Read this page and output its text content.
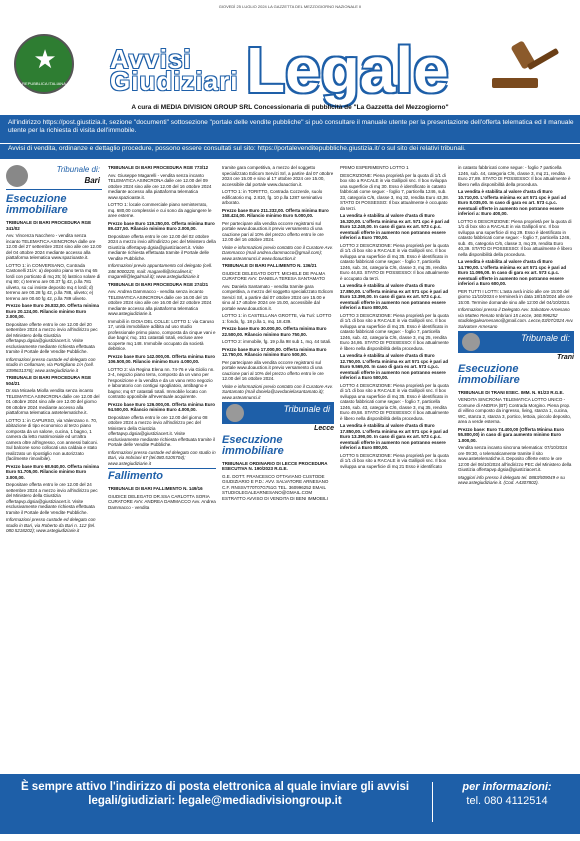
GIOVEDÌ 25 LUGLIO 2024 LA GAZZETTA DEL MEZZOGIORNO NAZIONALE II
★
REPUBBLICA ITALIANA
Avvisi
Giudiziari Legale
A cura di MEDIA DIVISION GROUP SRL Concessionaria di pubblicità de "La Gazzetta del Mezzogiorno"
All'indirizzo https://post.giustizia.it, sezione "documenti" sottosezione "portale delle vendite pubbliche" si può consultare il manuale utente per la presentazione dell'offerta telematica ed il manuale utente per la richiesta di visita dell'immobile.
Avvisi di vendita, ordinanze e dettaglio procedure, possono essere consultati sul sito: https://portalevenditepubbliche.giustizia.it/ o sul sito dei relativi tribunali.
Tribunale di:
Bari
Esecuzione immobiliare

TRIBUNALE DI BARI PROCEDURA RGE 341/02

Avv. Vincenza Nacchero - vendita senza incanto TELEMATICA ASINCRONA dalle ore 12.00 del 27 settembre 2024 sino alle ore 12.00 del 04 ottobre 2024 mediante accesso alla piattaforma telematica www.spazioaste.it.

LOTTO 1: in CONVERSANO, Contrada Castonelli 21/A: a) deposito piano terra mq 65 lordi con porticato di mq 25; b) lastrico solare di mq 80; c) terreno are 00.37 fg 42, p.lla 781 uliveto, su cui insiste deposito mq 4 lordi; d) terreno are 00.28 fg 42, p.lla 788, uliveto; e) terreno are 00.60 fg 42, p.lla 789 uliveto.

Prezzo base Euro 26.832,00. Offerta minima Euro 20.124,00. Rilancio minimo Euro 2.000,00.

Depositare offerte entro le ore 12.00 del 20 settembre 2024 a mezzo invio all'indirizzo pec del Ministero della Giustizia offertapvp.dgsia@giustiziacert.it. Visite esclusivamente mediante richiesta effettuata tramite il Portale delle Vendite Pubbliche.

Informazioni presso custode ed delegato con studio in Cellamare, via Portigliano 1/A (cell. 3398631376); www.astegiudiziarie.it

TRIBUNALE DI BARI PROCEDURA RGE 504/21

Dr.ssa Micaela Miolla vendita senza incanto TELEMATICA ASINCRONA dalle ore 12.00 del 01 ottobre 2024 sino alle ore 12.00 del giorno 08 ottobre 2024 mediante accesso alla piattaforma telematica astetelematiche.it.

LOTTO 1: in CAPURSO, via Valenzano n. 70, abitazione di tipo economico al terzo piano composta da un salone, cucina, 1 bagno, 1 camera da letto matrimoniale ed un'altra camera oltre all'ingresso, con annessi balconi. Sul balcone sono collocati una caldaia e stato realizzato un ripostiglio non autorizzato (facilmente rimovibile).

Prezzo base Euro 68.940,00. Offerta minima Euro 51.705,00. Rilancio minimo Euro 3.000,00.

Depositare offerta entro le ore 12.00 del 24 settembre 2024 a mezzo invio all'indirizzo pec del Ministero della Giustizia offertapvp.dgsia@giustiziacert.it. Visite esclusivamente mediante richiesta effettuata tramite il Portale delle Vendite Pubbliche.

Informazioni presso custode ed delegato con studio in Bari, via Roberto da Bari n. 112 (tel. 080.5218202); www.astegiudiziarie.it

TRIBUNALE DI BARI PROCEDURA RGE 773/12

Avv. Giuseppe Magarelli - vendita senza incanto TELEMATICA ASINCRONA dalle ore 12.00 del 09 ottobre 2024 sino alle ore 12.00 del 16 ottobre 2024 mediante accesso alla piattaforma telematica www.spazioaste.it.

LOTTO 1: locale commerciale piano seminterrato, mq. 680,00 complessivi e cui sono da aggiungere le aree esterne.

Prezzo base Euro 119.250,00. Offerta minima Euro 89.437,50. Rilancio minimo Euro 2.000,00.

Depositare offerta entro le ore 12.00 del 02 ottobre 2024 a mezzo invio all'indirizzo pec del Ministero della Giustizia offertapvp.dgsia@giustiziacert.it. Visite mediante richiesta effettuata tramite il Portale delle Vendite Pubbliche.

Informazioni previo appuntamento col delegato (cell. 348.9000220, mail: magarelli@tiscalinet.it; magarelli@legalmail.it); www.astegiudiziarie.it

TRIBUNALE DI BARI PROCEDURA RGE 274/21

Avv. Andrea Dammacco - vendita senza incanto TELEMATICA ASINCRONA dalle ore 16.00 del 15 ottobre 2024 sino alle ore 16.00 del 22 ottobre 2024 mediante accesso alla piattaforma telematica www.astegiudiziarie.it.

Immobili in GIOIA DEL COLLE: LOTTO 1: via Caruso 17, unità immobiliare adibita ad uso studio professionale primo piano, composta da cinque vani e due bagni; mq. 151 catastali totali, escluse aree scoperte mq 148. Immobile occupato da società debitrice.

Prezzo base Euro 142.000,00. Offerta minima Euro 106.500,00. Rilancio minimo Euro 4.000,00.

LOTTO 2: via Regina Elena nn. 74-76 e via Giolio nn. 2-4, negozio piano terra, composto da un vano per l'esposizione e la vendita e da un vano retro negozio e laboratorio con contigui spogliatoio, antibagno e bagno; mq 67 catastali totali. Immobile locato con contratto opponibile all'eventuale acquirente.

Prezzo base Euro 126.000,00. Offerta minima Euro 94.500,00. Rilancio minimo Euro 4.000,00.

Depositare offerta entro le ore 12.00 del giorno 08 ottobre 2024 a mezzo invio all'indirizzo pec del Ministero della Giustizia offertapvp.dgsia@giustiziacert.it. Visite esclusivamente mediante richiesta effettuata tramite il Portale delle Vendite Pubbliche.

Informazioni presso custode ed delegato con studio in Bari, via Imbriani 67 (tel.080.5105704); www.astegiudiziarie.it

Fallimento

TRIBUNALE DI BARI FALLIMENTO N. 149/16

GIUDICE DELEGATO DR.SSA CARLOTTA SORIA CURATORE AVV. ANDREA DAMMACCO Avv. Andrea Dammacco - vendita

tramite gara competitiva, a mezzo del soggetto specializzato Edicom Servizi Srl, a partire dal 07 ottobre 2024 ore 15.00 e sino al 17 ottobre 2024 ore 15.00, accessibile dal portale www.doauction.it.

LOTTO 1: in TORITTO, Contrada Cozzerde, suolo edificatorio mq. 2.810, fg. 10 p.lla 1287 seminativo arborato.

Prezzo base Euro 211.232,00. Offerta minima Euro 158.424,00. Rilancio minimo Euro 5.000,00.

Per partecipare alla vendita occorre registrarsi sul portale www.doauction.it previo versamento di una cauzione pari al 10% del prezzo offerto entro le ore 12.00 del 16 ottobre 2024.

Visite e informazioni previo contatto con il Curatore Avv. Dammacco (mail andrea.dammacco@gmail.com); www.asteannunci.it www.doauction.it

TRIBUNALE DI BARI FALLIMENTO N. 136/21

GIUDICE DELEGATO DOTT. MICHELE DE PALMA CURATORE AVV. DANIELA TERESA SANTAMATO

Avv. Daniela Santamato - vendita tramite gara competitiva, a mezzo del soggetto specializzato Edicom Servizi Srl, a partire dal 07 ottobre 2024 ore 15.00 e sino al 17 ottobre 2024 ore 15.00, accessibile dal portale www.doauction.it.

LOTTO 1: in CASTELLANA GROTTE, via Turi: LOTTO 1: fondo, fg. 18 p.lla 1, mq. 18.439.

Prezzo base Euro 30.000,00. Offerta minima Euro 22.500,00. Rilancio minimo Euro 750,00.

LOTTO 2: immobile, fg. 19 p.lla 98 sub 1, mq. 44 totali.

Prezzo base Euro 17.000,00. Offerta minima Euro 12.750,00. Rilancio minimo Euro 500,00.

Per partecipare alla vendita occorre registrarsi sul portale www.doauction.it previo versamento di una cauzione pari al 10% del prezzo offerto entro le ore 12.00 del 16 ottobre 2024.

Visite e informazioni previo contatto con il Curatore Avv. Santamato (mail daniela@avvdanielasantamato.it); www.asteannunci.it

Tribunale di
Lecce
Esecuzione immobiliare

TRIBUNALE ORDINARIO DI LECCE PROCEDURA ESECUTIVA N. 190/2023 R.G.E.

G.E. DOTT. FRANCESCO OTTAVIANO CUSTODE GIUDIZIARIO E P.D.: AVV. SALVATORE ARNESANO C.F. RNSSVT70T07G751G TEL. 360996252 EMAIL STUDIOLEGALEARNESANO@GMAIL.COM ESTRATTO AVVISO DI VENDITA DI BENI IMMOBILI

PRIMO ESPERIMENTO LOTTO 1

DESCRIZIONE: Piena proprietà per la quota di 1/1 di box sito a RACALE in via Gallipoli snc. Il box sviluppa una superficie di mq 30. Esso è identificato in catasto fabbricati come segue: - foglio 7, particella 1246, sub. 33, categoria C/6, classe 3, mq 32, rendita Euro 43,38. STATO DI POSSESSO: Il box attualmente è occupato da terzi.

La vendita è stabilita al valore d'asta di Euro 16.320,00. L'offerta minima ex art. 571 cpc è pari ad Euro 12.240,00. In caso di gara ex art. 573 c.p.c. eventuali offerte in aumento non potranno essere inferiori a Euro 700,00.

LOTTO 2 DESCRIZIONE: Piena proprietà per la quota di 1/1 di box sito a RACALE in via Gallipoli snc. Il box sviluppa una superficie di mq 35. Esso è identificato in catasto fabbricati come segue: - foglio 7, particella 1246, sub. 34, categoria C/6, classe 3, mq 35, rendita Euro 44,83. STATO DI POSSESSO: Il box attualmente è occupato da terzi.

La vendita è stabilita al valore d'asta di Euro 17.850,00. L'offerta minima ex art 571 cpc è pari ad Euro 13.390,00. In caso di gara ex art. 573 c.p.c. eventuali offerte in aumento non potranno essere inferiori a Euro 800,00.

LOTTO 3 DESCRIZIONE: Piena proprietà per la quota di 1/1 di box sito a RACALE in via Gallipoli snc. Il box sviluppa una superficie di mq 25. Esso è identificato in catasto fabbricati come segue: - foglio 7, particella 1246, sub. 42, categoria C/6, classe 3, mq 25, rendita Euro 34,86. STATO DI POSSESSO: Il box attualmente è libero nella disponibilità della procedura.

La vendita è stabilita al valore d'asta di Euro 12.750,00. L'offerta minima ex art 571 cpc è pari ad Euro 9.565,00. In caso di gara ex art. 573 c.p.c. eventuali offerte in aumento non potranno essere inferiori a Euro 500,00.

LOTTO 4 DESCRIZIONE: Piena proprietà per la quota di 1/1 di box sito a RACALE in via Gallipoli snc. Il box sviluppa una superficie di mq 35. Esso è identificato in catasto fabbricati come segue: - foglio 7, particella 1246, sub. 43, categoria C/6, classe 3, mq 35, rendita Euro 49,58. STATO DI POSSESSO: Il box attualmente è libero nella disponibilità della procedura.

La vendita è stabilita al valore d'asta di Euro 17.850,00. L'offerta minima ex art 571 cpc è pari ad Euro 13.390,00. In caso di gara ex art. 573 c.p.c. eventuali offerte in aumento non potranno essere inferiori a Euro 800,00.

LOTTO 5 DESCRIZIONE: Piena proprietà per la quota di 1/1 di box sito a RACALE in via Gallipoli snc. Il box sviluppa una superficie di mq 21 Esso è identificato

in catasto fabbricati come segue: - foglio 7 particella 1246, sub. 44, categoria C/6, classe 3, mq 21, rendita Euro 27,89. STATO DI POSSESSO: Il box attualmente è libero nella disponibilità della procedura.

La vendita è stabilita al valore d'asta di Euro 10.710,00. L'offerta minima ex art 571 cpc è pari ad Euro 8.035,00. In caso di gara ex art. 573 c.p.c. eventuali offerte in aumento non potranno essere inferiori a: Euro 400,00.

LOTTO 6 DESCRIZIONE: Piena proprietà per la quota di 1/1 di box sito a RACALE in via Gallipoli snc. Il box sviluppa una superficie di mq 29. Esso è identificato in catasto fabbricati come segue: - foglio 7, particella 1246, sub. 45, categoria C/6, classe 3, mq 29, rendita Euro 40,39. STATO DI POSSESSO: Il box attualmente è libero nella disponibilità della procedura.

La vendita è stabilita al valore d'asta di Euro 14.790,00. L'offerta minima ex art 571 cpc è pari ad Euro 11.095,00. In caso di gara ex art. 573 c.p.c. eventuali offerte in aumento non potranno essere inferiori a Euro 600,00.

PER TUTTI I LOTTI: L'asta avrà inizio alle ore 15:00 del giorno 11/10/2024 e terminerà in data 18/10/2024 alle ore 15:00. Termine domande sino alle 12:00 del 04/10/2024.

Informazioni presso il Delegato Avv. Salvatore Arnesano via Matteo Renato Imbriani 15 Lecce, 360.996252 studiolegalearnesano@gmail.com. Lecce,03/07/2024 Avv. Salvatore Arnesano

Tribunale di:
Trani
Esecuzione immobiliare

TRIBUNALE DI TRANI ESEC. IMM. N. 91/23 R.G.E.

VENDITA SINCRONA TELEMATICA LOTTO UNICO - Comune di ANDRIA (BT) Contrada Morgino. Piena prop. di villino composto da ingresso, living, stanza 1, cucina, WC, stanza 2, stanza 3, portico, lettoia, piccolo deposito, area a verde esterna.

Prezzo base: Euro 74.400,00 (Offerta Minima Euro 55.800,00) in caso di gara aumento minimo Euro 1.000,00.

Vendita senza incanto sincrona telematica: 07/10/2024 ore 09:30, o telematicamente tramite il sito www.astetelematiche.it. Deposito offerte entro le ore 12:00 del 06/10/2024 all'indirizzo PEC del Ministero della Giustizia offertapvp.dgsia@giustiziacert.it.

Maggiori info presso il delegato tel. 0883/509049 e su www.astegiudiziarie.it. (Cod. A4307802).

È sempre attivo l'indirizzo di posta elettronica al quale inviare gli avvisi legali/giudiziari: legale@mediadivisiongroup.it
per informazioni:
tel. 080 4112514
